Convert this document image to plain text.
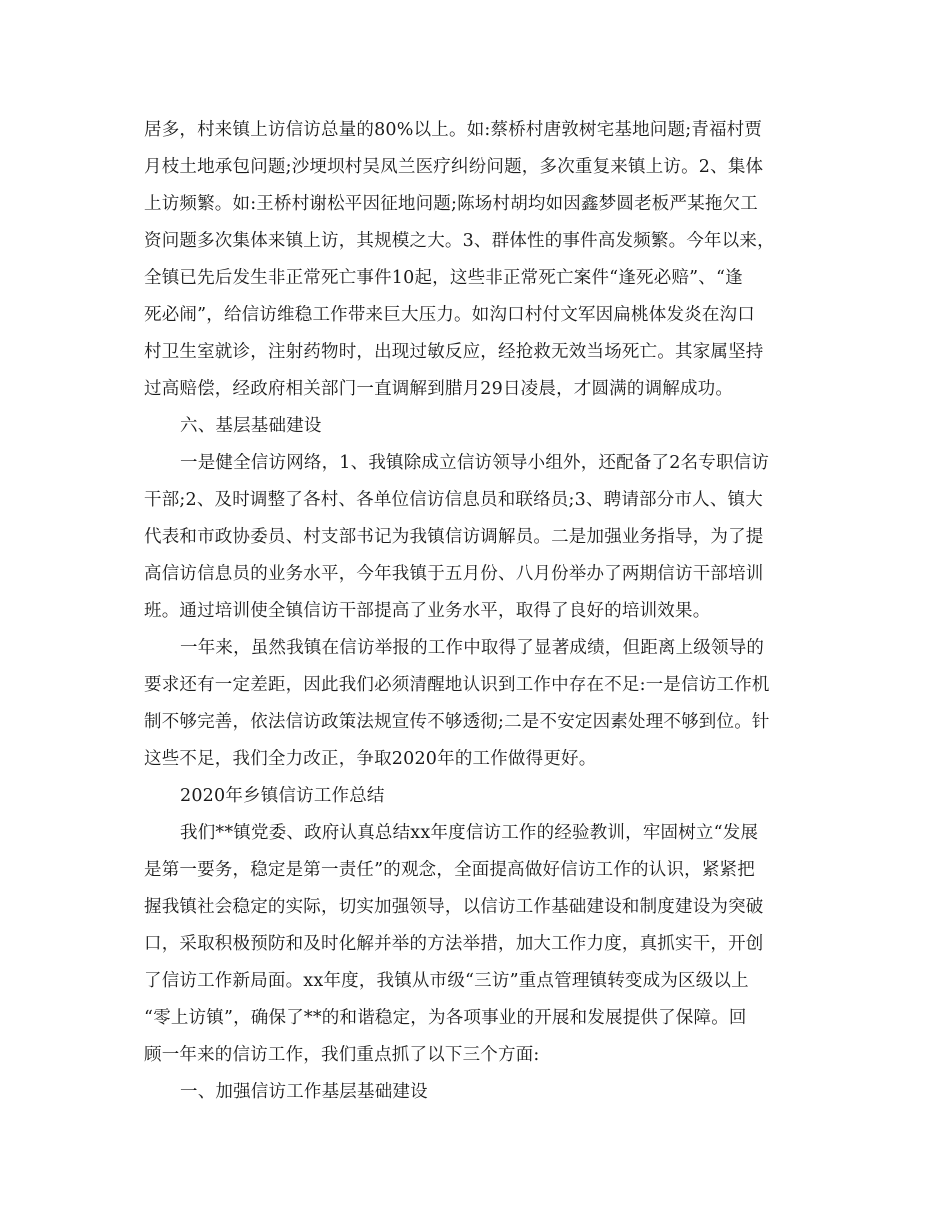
居多，村来镇上访信访总量的80%以上。如:蔡桥村唐敦树宅基地问题;青福村贾
月枝土地承包问题;沙埂坝村吴凤兰医疗纠纷问题，多次重复来镇上访。2、集体
上访频繁。如:王桥村谢松平因征地问题;陈场村胡均如因鑫梦圆老板严某拖欠工
资问题多次集体来镇上访，其规模之大。3、群体性的事件高发频繁。今年以来，
全镇已先后发生非正常死亡事件10起，这些非正常死亡案件“逢死必赔”、“逢
死必闹”，给信访维稳工作带来巨大压力。如沟口村付文军因扁桃体发炎在沟口
村卫生室就诊，注射药物时，出现过敏反应，经抢救无效当场死亡。其家属坚持
过高赔偿，经政府相关部门一直调解到腊月29日凌晨，才圆满的调解成功。
六、基层基础建设
一是健全信访网络，1、我镇除成立信访领导小组外，还配备了2名专职信访
干部;2、及时调整了各村、各单位信访信息员和联络员;3、聘请部分市人、镇大
代表和市政协委员、村支部书记为我镇信访调解员。二是加强业务指导，为了提
高信访信息员的业务水平，今年我镇于五月份、八月份举办了两期信访干部培训
班。通过培训使全镇信访干部提高了业务水平，取得了良好的培训效果。
一年来，虽然我镇在信访举报的工作中取得了显著成绩，但距离上级领导的
要求还有一定差距，因此我们必须清醒地认识到工作中存在不足:一是信访工作机
制不够完善，依法信访政策法规宣传不够透彻;二是不安定因素处理不够到位。针
这些不足，我们全力改正，争取2020年的工作做得更好。
2020年乡镇信访工作总结
我们**镇党委、政府认真总结xx年度信访工作的经验教训，牢固树立“发展
是第一要务，稳定是第一责任”的观念，全面提高做好信访工作的认识，紧紧把
握我镇社会稳定的实际，切实加强领导，以信访工作基础建设和制度建设为突破
口，采取积极预防和及时化解并举的方法举措，加大工作力度，真抓实干，开创
了信访工作新局面。xx年度，我镇从市级“三访”重点管理镇转变成为区级以上
“零上访镇”，确保了**的和谐稳定，为各项事业的开展和发展提供了保障。回
顾一年来的信访工作，我们重点抓了以下三个方面:
一、加强信访工作基层基础建设
